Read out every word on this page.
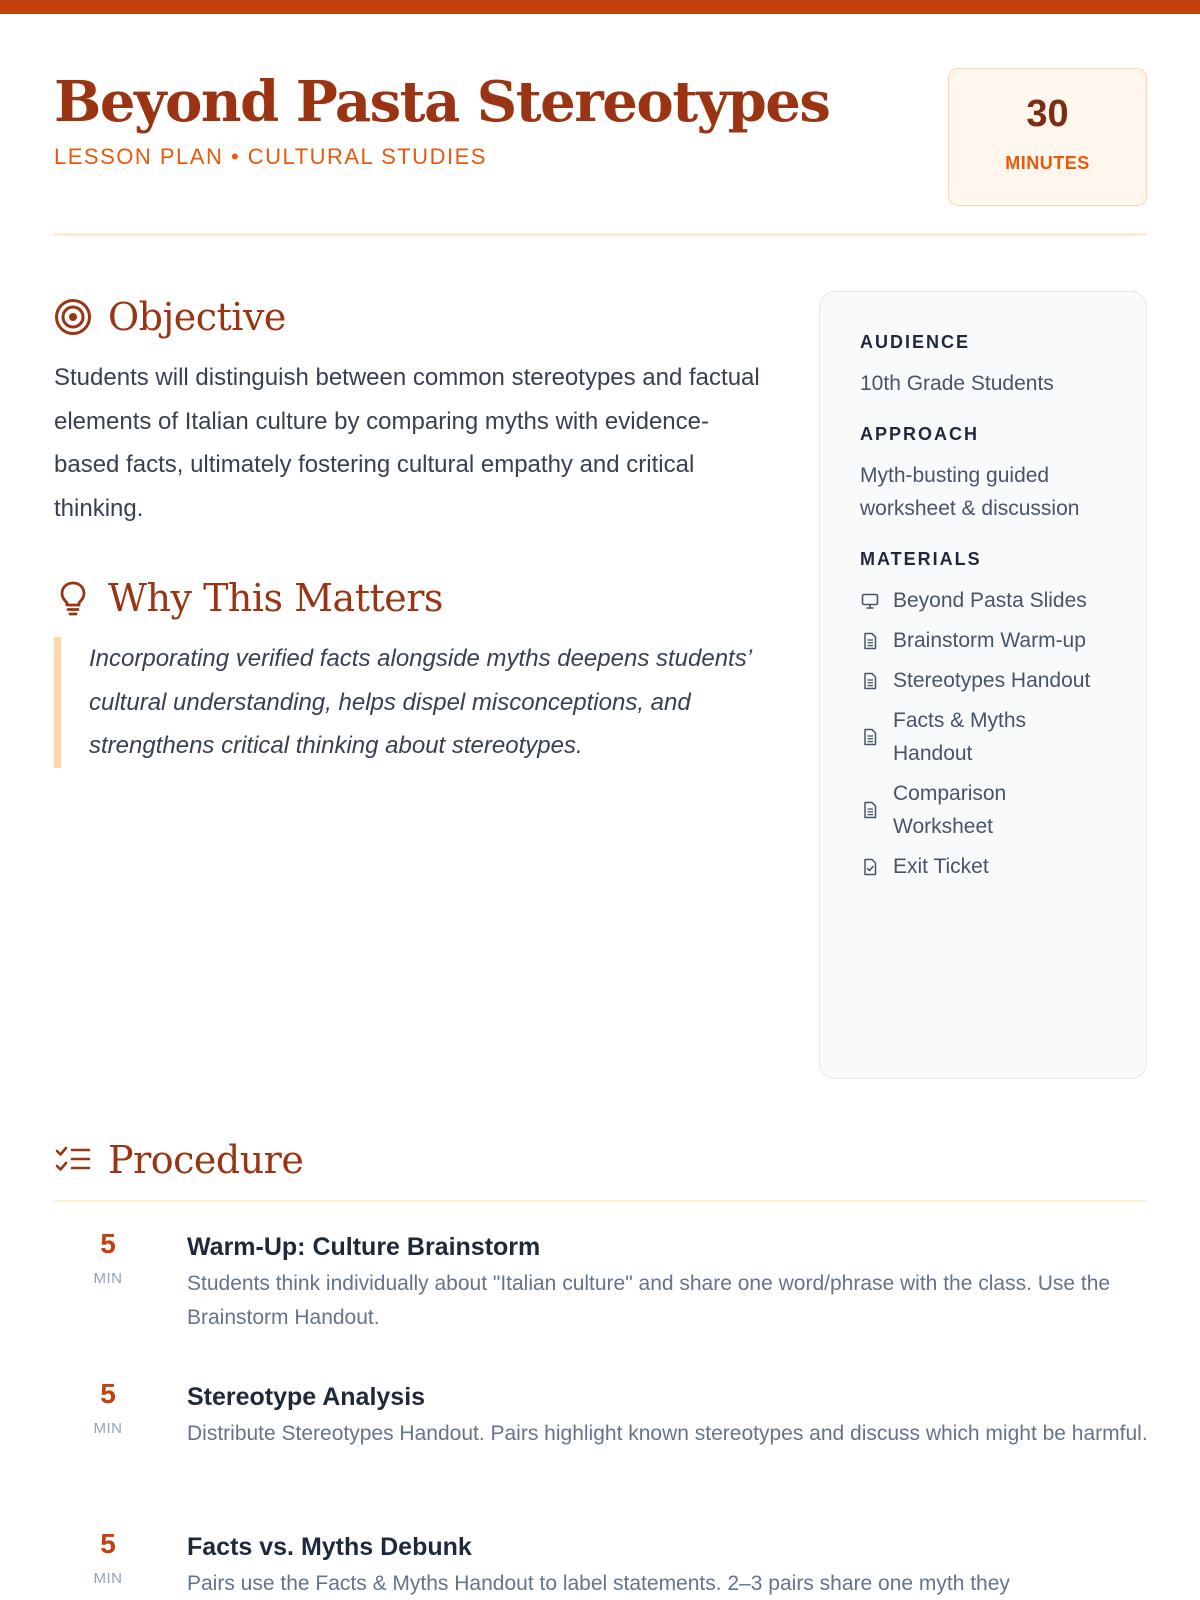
Beyond Pasta Stereotypes
LESSON PLAN • CULTURAL STUDIES
30
MINUTES
Objective

Students will distinguish between common stereotypes and factual elements of Italian culture by comparing myths with evidence-based facts, ultimately fostering cultural empathy and critical thinking.

Why This Matters
Incorporating verified facts alongside myths deepens students’ cultural understanding, helps dispel misconceptions, and strengthens critical thinking about stereotypes.
AUDIENCE
10th Grade Students
APPROACH
Myth-busting guided worksheet & discussion
MATERIALS
Beyond Pasta Slides
Brainstorm Warm-up
Stereotypes Handout
Facts & Myths Handout
Comparison Worksheet
Exit Ticket
Procedure
5
MIN
Warm-Up: Culture Brainstorm
Students think individually about "Italian culture" and share one word/phrase with the class. Use the Brainstorm Handout.
5
MIN
Stereotype Analysis
Distribute Stereotypes Handout. Pairs highlight known stereotypes and discuss which might be harmful.
5
MIN
Facts vs. Myths Debunk
Pairs use the Facts & Myths Handout to label statements. 2–3 pairs share one myth they
